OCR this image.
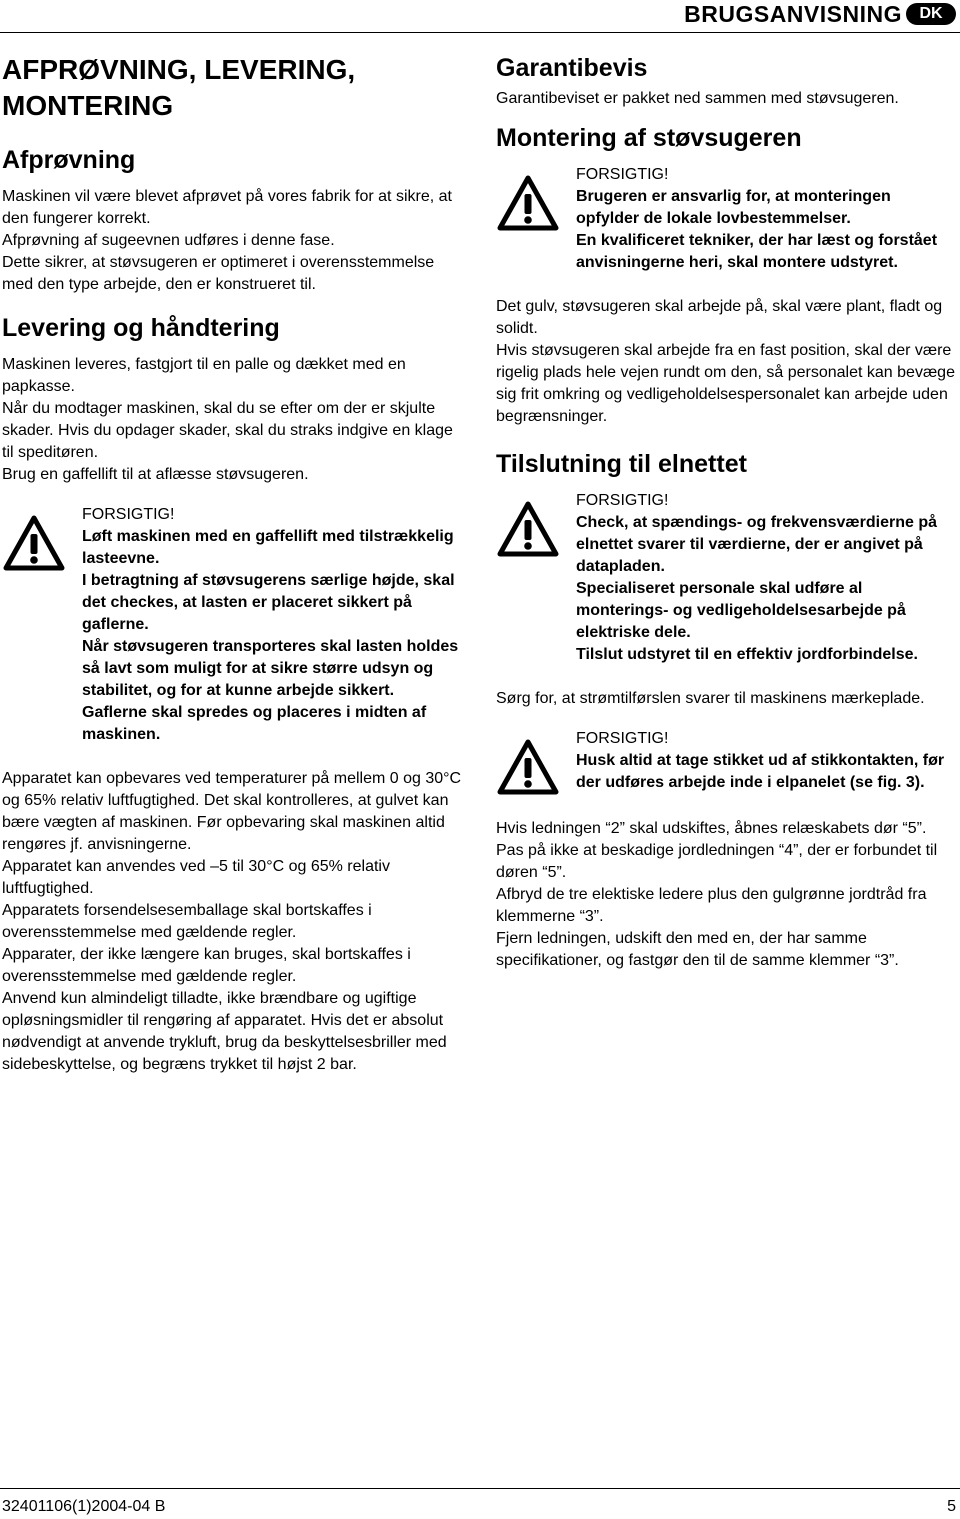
BRUGSANVISNING	DK
AFPRØVNING, LEVERING, MONTERING
Afprøvning
Maskinen vil være blevet afprøvet på vores fabrik for at sikre, at den fungerer korrekt.
Afprøvning af sugeevnen udføres i denne fase.
Dette sikrer, at støvsugeren er optimeret i overensstemmelse med den type arbejde, den er konstrueret til.
Levering og håndtering
Maskinen leveres, fastgjort til en palle og dækket med en papkasse.
Når du modtager maskinen, skal du se efter om der er skjulte skader. Hvis du opdager skader, skal du straks indgive en klage til speditøren.
Brug en gaffellift til at aflæsse støvsugeren.
FORSIGTIG!
Løft maskinen med en gaffellift med tilstrækkelig lasteevne.
I betragtning af støvsugerens særlige højde, skal det checkes, at lasten er placeret sikkert på gaflerne.
Når støvsugeren transporteres skal lasten holdes så lavt som muligt for at sikre større udsyn og stabilitet, og for at kunne arbejde sikkert.
Gaflerne skal spredes og placeres i midten af maskinen.
Apparatet kan opbevares ved temperaturer på mellem 0 og 30°C og 65% relativ luftfugtighed. Det skal kontrolleres, at gulvet kan bære vægten af maskinen. Før opbevaring skal maskinen altid rengøres jf. anvisningerne.
Apparatet kan anvendes ved –5 til 30°C og 65% relativ luftfugtighed.
Apparatets forsendelsesemballage skal bortskaffes i overensstemmelse med gældende regler.
Apparater, der ikke længere kan bruges, skal bortskaffes i overensstemmelse med gældende regler.
Anvend kun almindeligt tilladte, ikke brændbare og ugiftige opløsningsmidler til rengøring af apparatet. Hvis det er absolut nødvendigt at anvende trykluft, brug da beskyttelsesbriller med sidebeskyttelse, og begræns trykket til højst 2 bar.
Garantibevis
Garantibeviset er pakket ned sammen med støvsugeren.
Montering af støvsugeren
FORSIGTIG!
Brugeren er ansvarlig for, at monteringen opfylder de lokale lovbestemmelser.
En kvalificeret tekniker, der har læst og forstået anvisningerne heri, skal montere udstyret.
Det gulv, støvsugeren skal arbejde på, skal være plant, fladt og solidt.
Hvis støvsugeren skal arbejde fra en fast position, skal der være rigelig plads hele vejen rundt om den, så personalet kan bevæge sig frit omkring og vedligeholdelsespersonalet kan arbejde uden begrænsninger.
Tilslutning til elnettet
FORSIGTIG!
Check, at spændings- og frekvensværdierne på elnettet svarer til værdierne, der er angivet på datapladen.
Specialiseret personale skal udføre al monterings- og vedligeholdelsesarbejde på elektriske dele.
Tilslut udstyret til en effektiv jordforbindelse.
Sørg for, at strømtilførslen svarer til maskinens mærkeplade.
FORSIGTIG!
Husk altid at tage stikket ud af stikkontakten, før der udføres arbejde inde i elpanelet (se fig. 3).
Hvis ledningen “2” skal udskiftes, åbnes relæskabets dør “5”.
Pas på ikke at beskadige jordledningen “4”, der er forbundet til døren “5”.
Afbryd de tre elektiske ledere plus den gulgrønne jordtråd fra klemmerne “3”.
Fjern ledningen, udskift den med en, der har samme specifikationer, og fastgør den til de samme klemmer “3”.
32401106(1)2004-04 B	5
